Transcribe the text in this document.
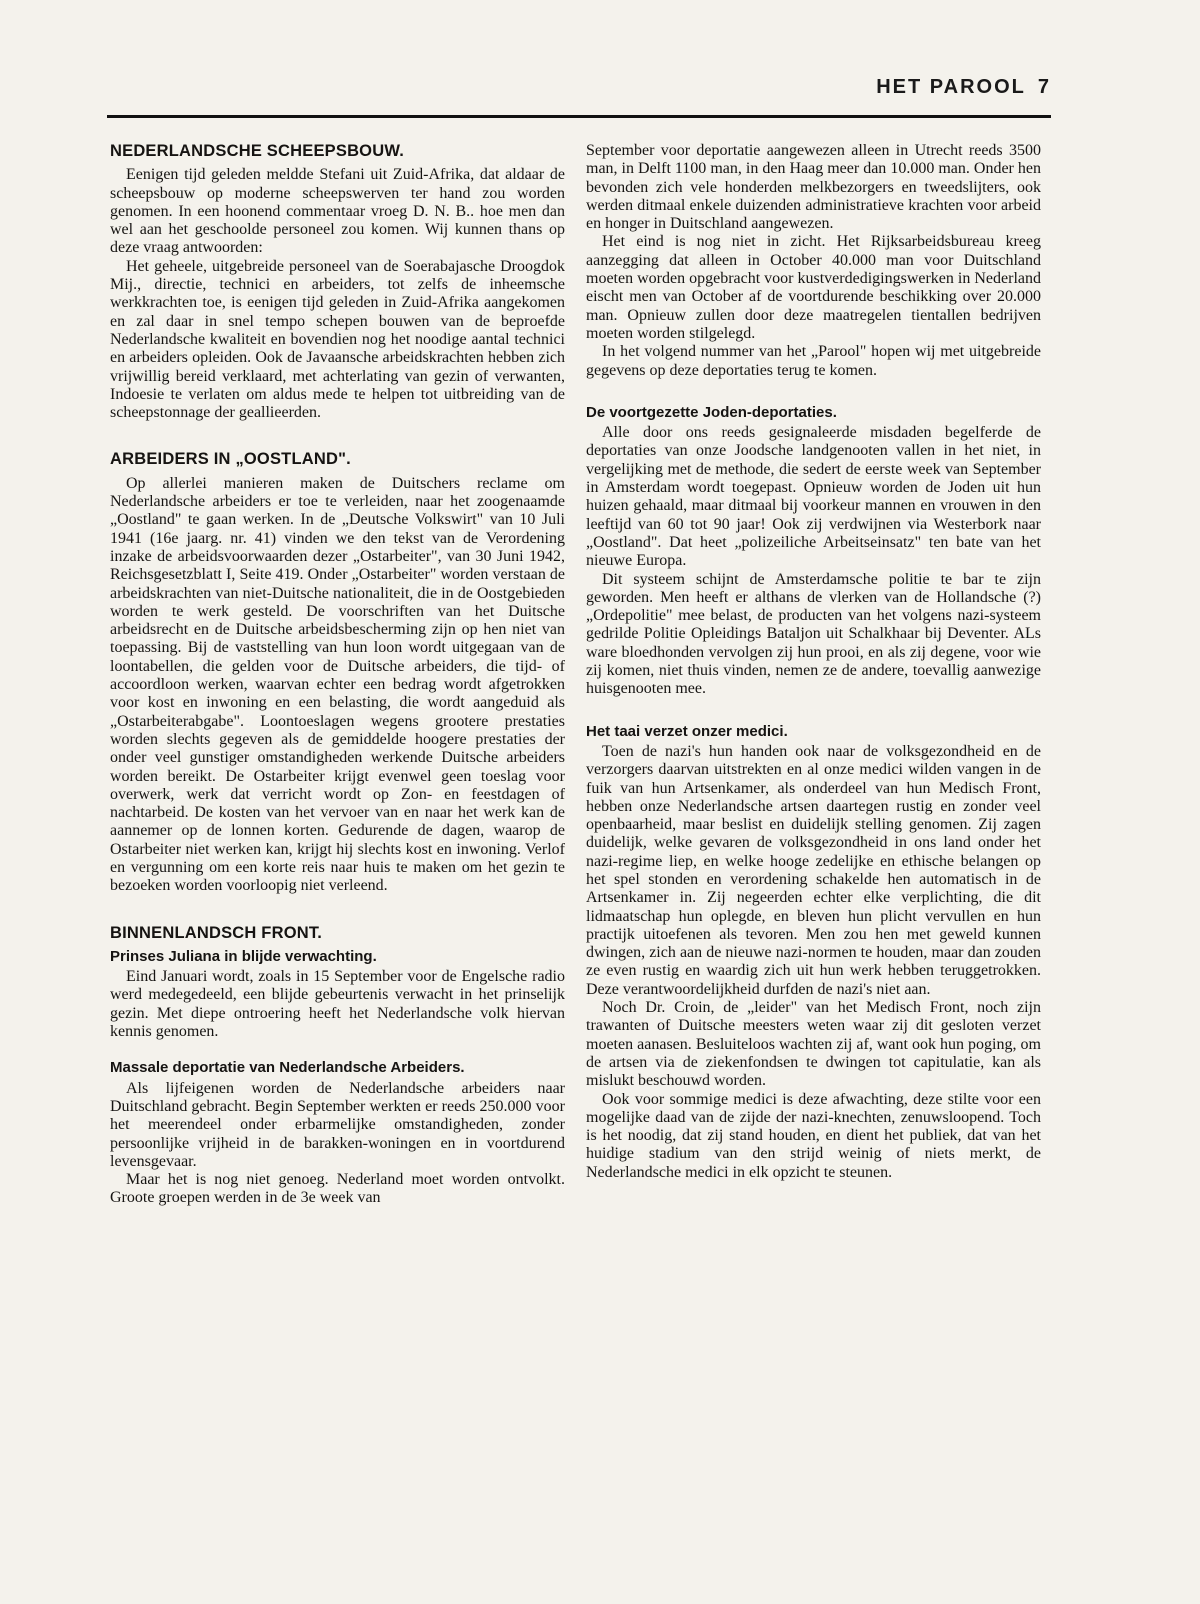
HET PAROOL 7
NEDERLANDSCHE SCHEEPSBOUW.

Eenigen tijd geleden meldde Stefani uit Zuid-Afrika, dat aldaar de scheepsbouw op moderne scheepswerven ter hand zou worden genomen. In een hoonend commentaar vroeg D. N. B.. hoe men dan wel aan het geschoolde personeel zou komen. Wij kunnen thans op deze vraag antwoorden:

Het geheele, uitgebreide personeel van de Soerabajasche Droogdok Mij., directie, technici en arbeiders, tot zelfs de inheemsche werkkrachten toe, is eenigen tijd geleden in Zuid-Afrika aangekomen en zal daar in snel tempo schepen bouwen van de beproefde Nederlandsche kwaliteit en bovendien nog het noodige aantal technici en arbeiders opleiden. Ook de Javaansche arbeidskrachten hebben zich vrijwillig bereid verklaard, met achterlating van gezin of verwanten, Indoesie te verlaten om aldus mede te helpen tot uitbreiding van de scheepstonnage der geallieerden.

ARBEIDERS IN „OOSTLAND".

Op allerlei manieren maken de Duitschers reclame om Nederlandsche arbeiders er toe te verleiden, naar het zoogenaamde „Oostland" te gaan werken. In de „Deutsche Volkswirt" van 10 Juli 1941 (16e jaarg. nr. 41) vinden we den tekst van de Verordening inzake de arbeidsvoorwaarden dezer „Ostarbeiter", van 30 Juni 1942, Reichsgesetzblatt I, Seite 419. Onder „Ostarbeiter" worden verstaan de arbeidskrachten van niet-Duitsche nationaliteit, die in de Oostgebieden worden te werk gesteld. De voorschriften van het Duitsche arbeidsrecht en de Duitsche arbeidsbescherming zijn op hen niet van toepassing. Bij de vaststelling van hun loon wordt uitgegaan van de loontabellen, die gelden voor de Duitsche arbeiders, die tijd- of accoordloon werken, waarvan echter een bedrag wordt afgetrokken voor kost en inwoning en een belasting, die wordt aangeduid als „Ostarbeiterabgabe". Loontoeslagen wegens grootere prestaties worden slechts gegeven als de gemiddelde hoogere prestaties der onder veel gunstiger omstandigheden werkende Duitsche arbeiders worden bereikt. De Ostarbeiter krijgt evenwel geen toeslag voor overwerk, werk dat verricht wordt op Zon- en feestdagen of nachtarbeid. De kosten van het vervoer van en naar het werk kan de aannemer op de lonnen korten. Gedurende de dagen, waarop de Ostarbeiter niet werken kan, krijgt hij slechts kost en inwoning. Verlof en vergunning om een korte reis naar huis te maken om het gezin te bezoeken worden voorloopig niet verleend.

BINNENLANDSCH FRONT.
Prinses Juliana in blijde verwachting.

Eind Januari wordt, zoals in 15 September voor de Engelsche radio werd medegedeeld, een blijde gebeurtenis verwacht in het prinselijk gezin. Met diepe ontroering heeft het Nederlandsche volk hiervan kennis genomen.

Massale deportatie van Nederlandsche Arbeiders.

Als lijfeigenen worden de Nederlandsche arbeiders naar Duitschland gebracht. Begin September werkten er reeds 250.000 voor het meerendeel onder erbarmelijke omstandigheden, zonder persoonlijke vrijheid in de barakken-woningen en in voortdurend levensgevaar.

Maar het is nog niet genoeg. Nederland moet worden ontvolkt. Groote groepen werden in de 3e week van

September voor deportatie aangewezen alleen in Utrecht reeds 3500 man, in Delft 1100 man, in den Haag meer dan 10.000 man. Onder hen bevonden zich vele honderden melkbezorgers en tweedslijters, ook werden ditmaal enkele duizenden administratieve krachten voor arbeid en honger in Duitschland aangewezen.

Het eind is nog niet in zicht. Het Rijksarbeidsbureau kreeg aanzegging dat alleen in October 40.000 man voor Duitschland moeten worden opgebracht voor kustverdedigingswerken in Nederland eischt men van October af de voortdurende beschikking over 20.000 man. Opnieuw zullen door deze maatregelen tientallen bedrijven moeten worden stilgelegd.

In het volgend nummer van het „Parool" hopen wij met uitgebreide gegevens op deze deportaties terug te komen.

De voortgezette Joden-deportaties.

Alle door ons reeds gesignaleerde misdaden begelferde de deportaties van onze Joodsche landgenooten vallen in het niet, in vergelijking met de methode, die sedert de eerste week van September in Amsterdam wordt toegepast. Opnieuw worden de Joden uit hun huizen gehaald, maar ditmaal bij voorkeur mannen en vrouwen in den leeftijd van 60 tot 90 jaar! Ook zij verdwijnen via Westerbork naar „Oostland". Dat heet „polizeiliche Arbeitseinsatz" ten bate van het nieuwe Europa.

Dit systeem schijnt de Amsterdamsche politie te bar te zijn geworden. Men heeft er althans de vlerken van de Hollandsche (?) „Ordepolitie" mee belast, de producten van het volgens nazi-systeem gedrilde Politie Opleidings Bataljon uit Schalkhaar bij Deventer. ALs ware bloedhonden vervolgen zij hun prooi, en als zij degene, voor wie zij komen, niet thuis vinden, nemen ze de andere, toevallig aanwezige huisgenooten mee.

Het taai verzet onzer medici.

Toen de nazi's hun handen ook naar de volksgezondheid en de verzorgers daarvan uitstrekten en al onze medici wilden vangen in de fuik van hun Artsenkamer, als onderdeel van hun Medisch Front, hebben onze Nederlandsche artsen daartegen rustig en zonder veel openbaarheid, maar beslist en duidelijk stelling genomen. Zij zagen duidelijk, welke gevaren de volksgezondheid in ons land onder het nazi-regime liep, en welke hooge zedelijke en ethische belangen op het spel stonden en verordening schakelde hen automatisch in de Artsenkamer in. Zij negeerden echter elke verplichting, die dit lidmaatschap hun oplegde, en bleven hun plicht vervullen en hun practijk uitoefenen als tevoren. Men zou hen met geweld kunnen dwingen, zich aan de nieuwe nazi-normen te houden, maar dan zouden ze even rustig en waardig zich uit hun werk hebben teruggetrokken. Deze verantwoordelijkheid durfden de nazi's niet aan.

Noch Dr. Croin, de „leider" van het Medisch Front, noch zijn trawanten of Duitsche meesters weten waar zij dit gesloten verzet moeten aanasen. Besluiteloos wachten zij af, want ook hun poging, om de artsen via de ziekenfondsen te dwingen tot capitulatie, kan als mislukt beschouwd worden.

Ook voor sommige medici is deze afwachting, deze stilte voor een mogelijke daad van de zijde der nazi-knechten, zenuwsloopend. Toch is het noodig, dat zij stand houden, en dient het publiek, dat van het huidige stadium van den strijd weinig of niets merkt, de Nederlandsche medici in elk opzicht te steunen.
